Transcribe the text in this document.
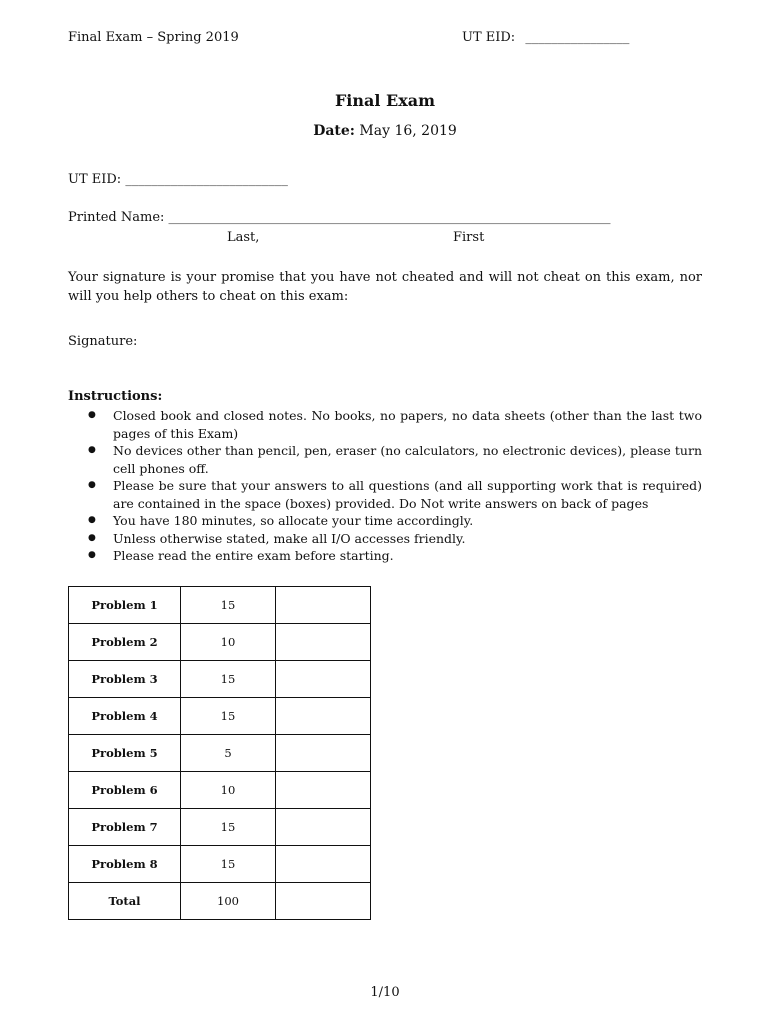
Final Exam – Spring 2019	UT EID: ________________
Final Exam
Date: May 16, 2019
UT EID: _________________________
Printed Name: ____________________________________________________________________
Last,	First
Your signature is your promise that you have not cheated and will not cheat on this exam, nor will you help others to cheat on this exam:
Signature:
Instructions:
● Closed book and closed notes. No books, no papers, no data sheets (other than the last two pages of this Exam)
● No devices other than pencil, pen, eraser (no calculators, no electronic devices), please turn cell phones off.
● Please be sure that your answers to all questions (and all supporting work that is required) are contained in the space (boxes) provided. Do Not write answers on back of pages
● You have 180 minutes, so allocate your time accordingly.
● Unless otherwise stated, make all I/O accesses friendly.
● Please read the entire exam before starting.
Problem 1	15	
Problem 2	10	
Problem 3	15	
Problem 4	15	
Problem 5	5	
Problem 6	10	
Problem 7	15	
Problem 8	15	
Total	100	
1/10
